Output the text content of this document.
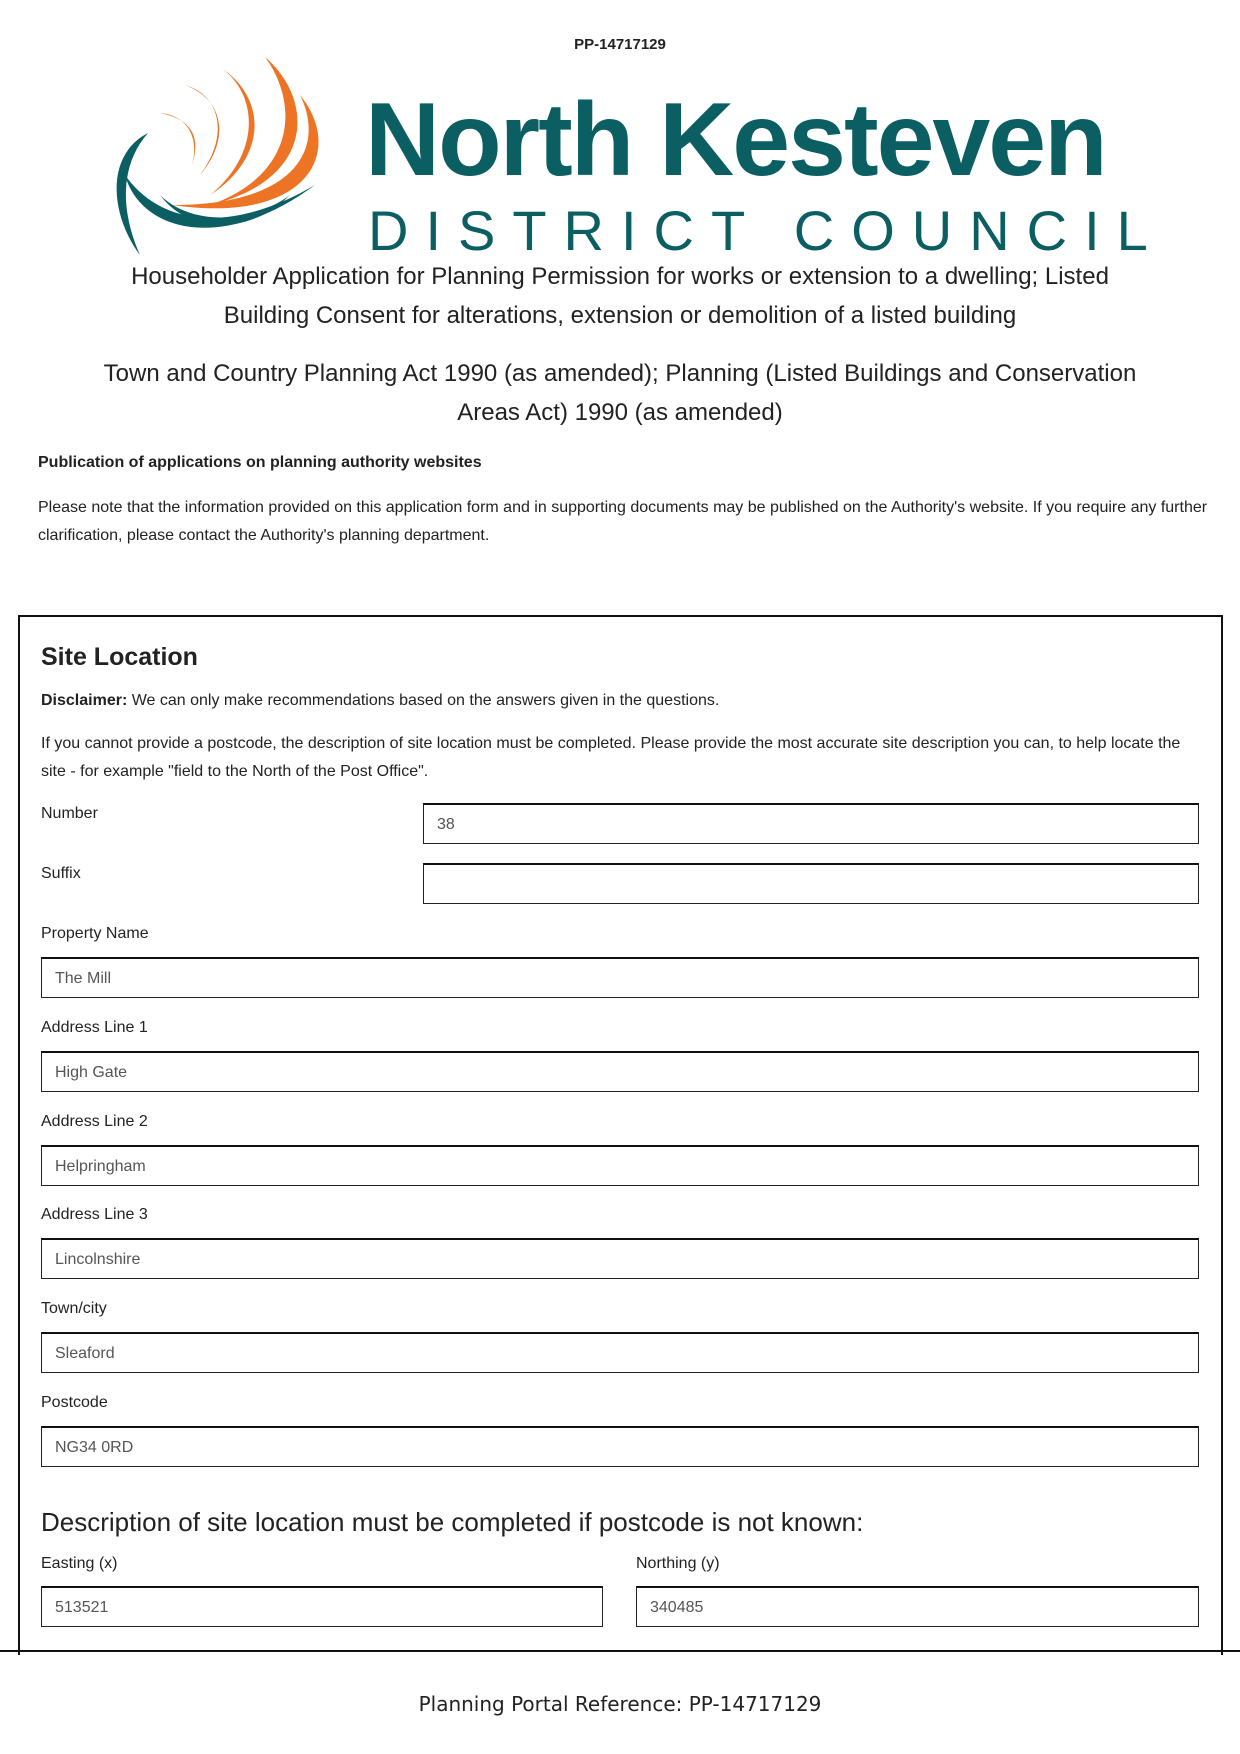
PP-14717129
North Kesteven
DISTRICT COUNCIL
Householder Application for Planning Permission for works or extension to a dwelling; Listed
Building Consent for alterations, extension or demolition of a listed building
Town and Country Planning Act 1990 (as amended); Planning (Listed Buildings and Conservation
Areas Act) 1990 (as amended)
Publication of applications on planning authority websites
Please note that the information provided on this application form and in supporting documents may be published on the Authority's website. If you require any further clarification, please contact the Authority's planning department.
Site Location
Disclaimer: We can only make recommendations based on the answers given in the questions.
If you cannot provide a postcode, the description of site location must be completed. Please provide the most accurate site description you can, to help locate the site - for example "field to the North of the Post Office".
Number
38
Suffix
Property Name
The Mill
Address Line 1
High Gate
Address Line 2
Helpringham
Address Line 3
Lincolnshire
Town/city
Sleaford
Postcode
NG34 0RD
Description of site location must be completed if postcode is not known:
Easting (x)
513521
Northing (y)
340485
Planning Portal Reference: PP-14717129
